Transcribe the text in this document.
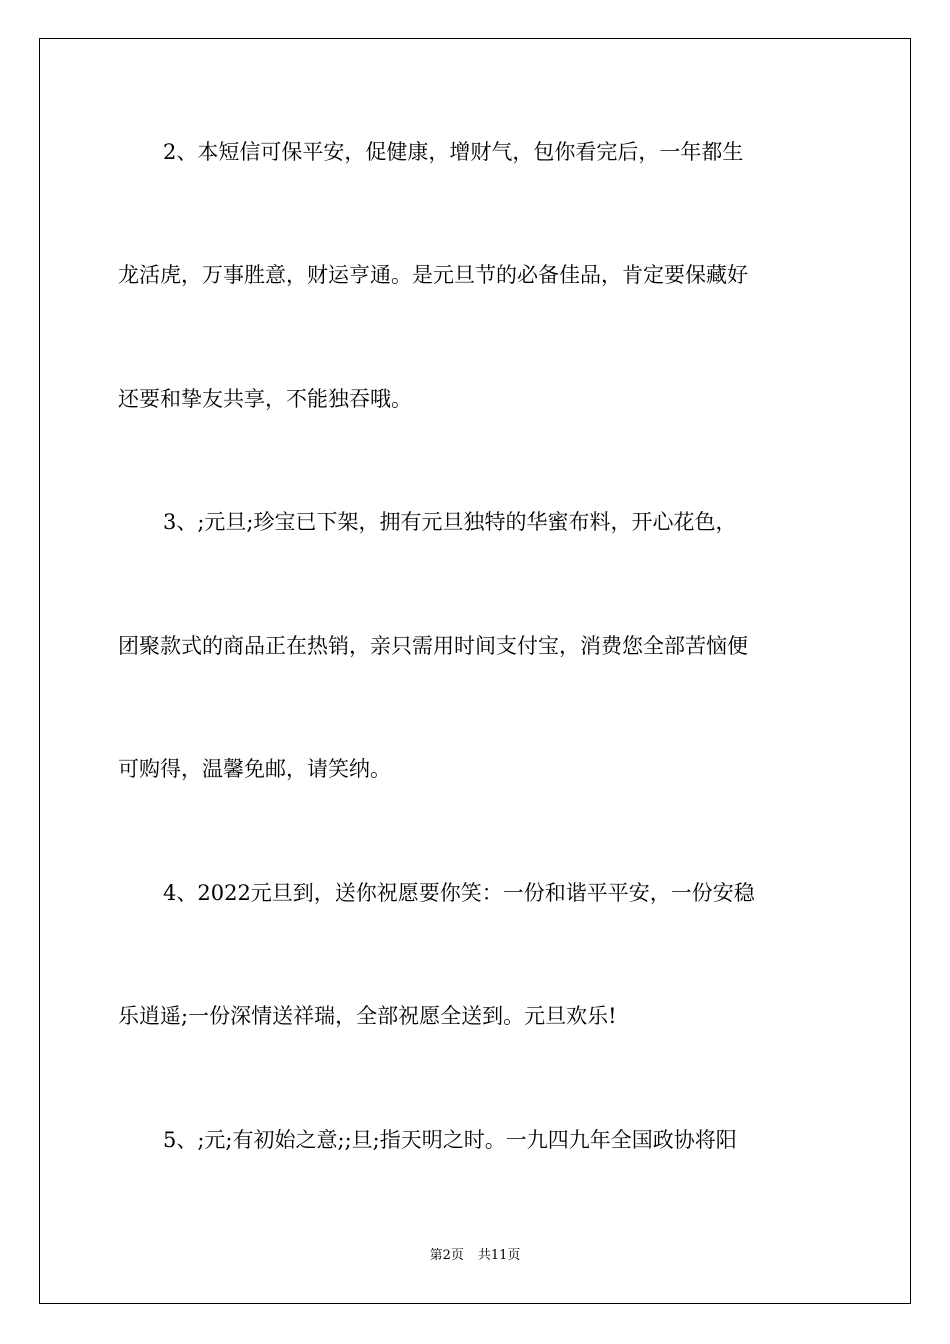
2、本短信可保平安，促健康，增财气，包你看完后，一年都生
龙活虎，万事胜意，财运亨通。是元旦节的必备佳品，肯定要保藏好
还要和挚友共享，不能独吞哦。
3、;元旦;珍宝已下架，拥有元旦独特的华蜜布料，开心花色，
团聚款式的商品正在热销，亲只需用时间支付宝，消费您全部苦恼便
可购得，温馨免邮，请笑纳。
4、2022元旦到，送你祝愿要你笑：一份和谐平平安，一份安稳
乐逍遥;一份深情送祥瑞，全部祝愿全送到。元旦欢乐!
5、;元;有初始之意;;旦;指天明之时。一九四九年全国政协将阳
第2页 共11页
